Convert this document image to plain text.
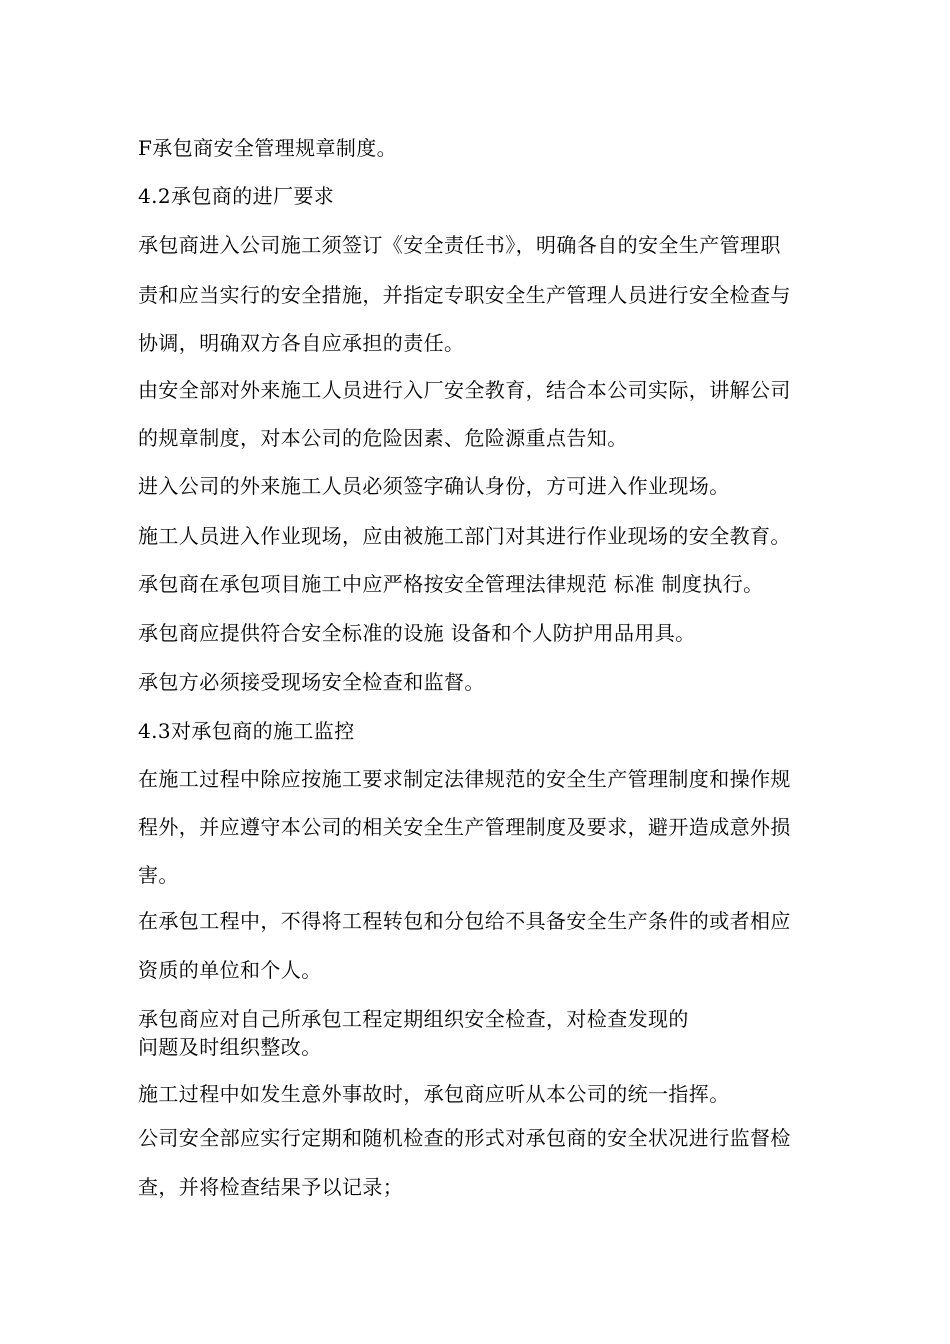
F承包商安全管理规章制度。
4.2承包商的进厂要求
承包商进入公司施工须签订《安全责任书》，明确各自的安全生产管理职
责和应当实行的安全措施，并指定专职安全生产管理人员进行安全检查与
协调，明确双方各自应承担的责任。
由安全部对外来施工人员进行入厂安全教育，结合本公司实际，讲解公司
的规章制度，对本公司的危险因素、危险源重点告知。
进入公司的外来施工人员必须签字确认身份，方可进入作业现场。
施工人员进入作业现场，应由被施工部门对其进行作业现场的安全教育。
承包商在承包项目施工中应严格按安全管理法律规范 标准 制度执行。
承包商应提供符合安全标准的设施 设备和个人防护用品用具。
承包方必须接受现场安全检查和监督。
4.3对承包商的施工监控
在施工过程中除应按施工要求制定法律规范的安全生产管理制度和操作规
程外，并应遵守本公司的相关安全生产管理制度及要求，避开造成意外损
害。
在承包工程中，不得将工程转包和分包给不具备安全生产条件的或者相应
资质的单位和个人。
承包商应对自己所承包工程定期组织安全检查，对检查发现的
问题及时组织整改。
施工过程中如发生意外事故时，承包商应听从本公司的统一指挥。
公司安全部应实行定期和随机检查的形式对承包商的安全状况进行监督检
查，并将检查结果予以记录；
